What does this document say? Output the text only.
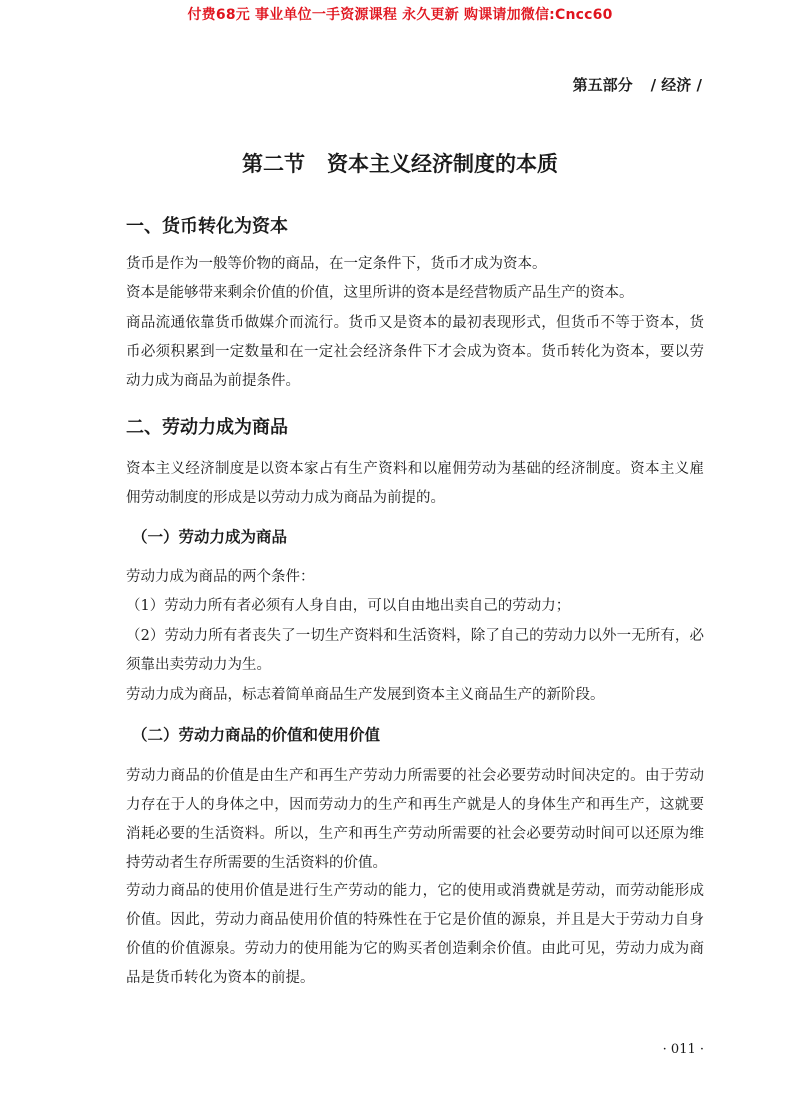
付费68元 事业单位一手资源课程 永久更新 购课请加微信:Cncc60
第五部分 / 经济 /
第二节 资本主义经济制度的本质
一、货币转化为资本
货币是作为一般等价物的商品，在一定条件下，货币才成为资本。
资本是能够带来剩余价值的价值，这里所讲的资本是经营物质产品生产的资本。
商品流通依靠货币做媒介而流行。货币又是资本的最初表现形式，但货币不等于资本，货币必须积累到一定数量和在一定社会经济条件下才会成为资本。货币转化为资本，要以劳动力成为商品为前提条件。
二、劳动力成为商品
资本主义经济制度是以资本家占有生产资料和以雇佣劳动为基础的经济制度。资本主义雇佣劳动制度的形成是以劳动力成为商品为前提的。
（一）劳动力成为商品
劳动力成为商品的两个条件：
（1）劳动力所有者必须有人身自由，可以自由地出卖自己的劳动力；
（2）劳动力所有者丧失了一切生产资料和生活资料，除了自己的劳动力以外一无所有，必须靠出卖劳动力为生。
劳动力成为商品，标志着简单商品生产发展到资本主义商品生产的新阶段。
（二）劳动力商品的价值和使用价值
劳动力商品的价值是由生产和再生产劳动力所需要的社会必要劳动时间决定的。由于劳动力存在于人的身体之中，因而劳动力的生产和再生产就是人的身体生产和再生产，这就要消耗必要的生活资料。所以，生产和再生产劳动所需要的社会必要劳动时间可以还原为维持劳动者生存所需要的生活资料的价值。
劳动力商品的使用价值是进行生产劳动的能力，它的使用或消费就是劳动，而劳动能形成价值。因此，劳动力商品使用价值的特殊性在于它是价值的源泉，并且是大于劳动力自身价值的价值源泉。劳动力的使用能为它的购买者创造剩余价值。由此可见，劳动力成为商品是货币转化为资本的前提。
· 011 ·
